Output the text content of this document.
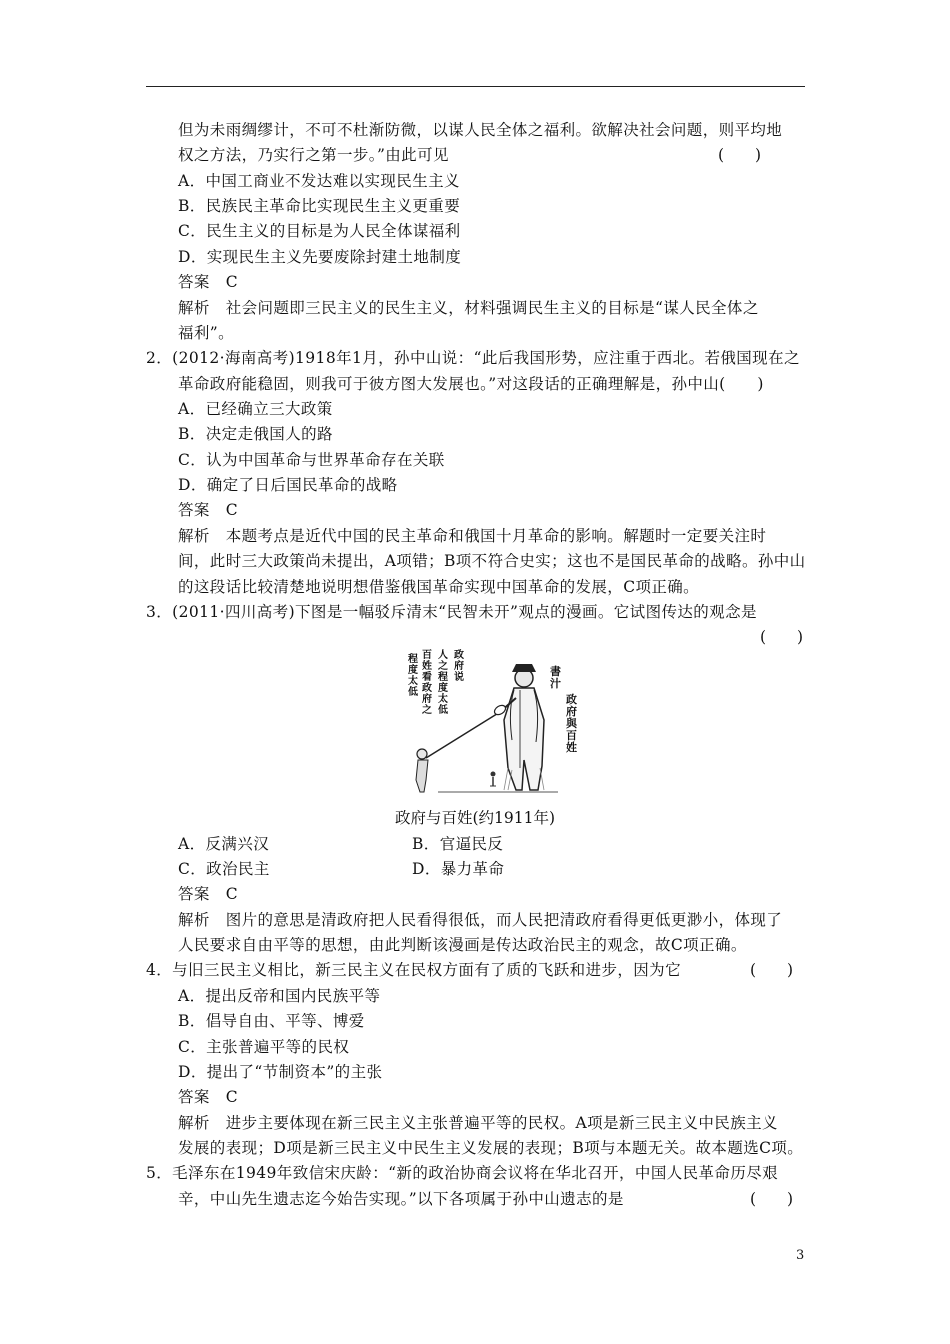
但为未雨绸缪计，不可不杜渐防微，以谋人民全体之福利。欲解决社会问题，则平均地
权之方法，乃实行之第一步。”由此可见	(　　)
A．中国工商业不发达难以实现民生主义
B．民族民主革命比实现民生主义更重要
C．民生主义的目标是为人民全体谋福利
D．实现民生主义先要废除封建土地制度
答案　C
解析　社会问题即三民主义的民生主义，材料强调民生主义的目标是“谋人民全体之
福利”。
2．(2012·海南高考)1918年1月，孙中山说：“此后我国形势，应注重于西北。若俄国现在之
革命政府能稳固，则我可于彼方图大发展也。”对这段话的正确理解是，孙中山(　　)
A．已经确立三大政策
B．决定走俄国人的路
C．认为中国革命与世界革命存在关联
D．确定了日后国民革命的战略
答案　C
解析　本题考点是近代中国的民主革命和俄国十月革命的影响。解题时一定要关注时
间，此时三大政策尚未提出，A项错；B项不符合史实；这也不是国民革命的战略。孙中山
的这段话比较清楚地说明想借鉴俄国革命实现中国革命的发展，C项正确。
3．(2011·四川高考)下图是一幅驳斥清末“民智未开”观点的漫画。它试图传达的观念是
(　　)
程度太低
百姓看政府之
人之程度太低
政府说	書汁
政府與百姓
政府与百姓(约1911年)
A．反满兴汉	B．官逼民反
C．政治民主	D．暴力革命
答案　C
解析　图片的意思是清政府把人民看得很低，而人民把清政府看得更低更渺小，体现了
人民要求自由平等的思想，由此判断该漫画是传达政治民主的观念，故C项正确。
4．与旧三民主义相比，新三民主义在民权方面有了质的飞跃和进步，因为它	(　　)
A．提出反帝和国内民族平等
B．倡导自由、平等、博爱
C．主张普遍平等的民权
D．提出了“节制资本”的主张
答案　C
解析　进步主要体现在新三民主义主张普遍平等的民权。A项是新三民主义中民族主义
发展的表现；D项是新三民主义中民生主义发展的表现；B项与本题无关。故本题选C项。
5．毛泽东在1949年致信宋庆龄：“新的政治协商会议将在华北召开，中国人民革命历尽艰
辛，中山先生遗志迄今始告实现。”以下各项属于孙中山遗志的是	(　　)
3
